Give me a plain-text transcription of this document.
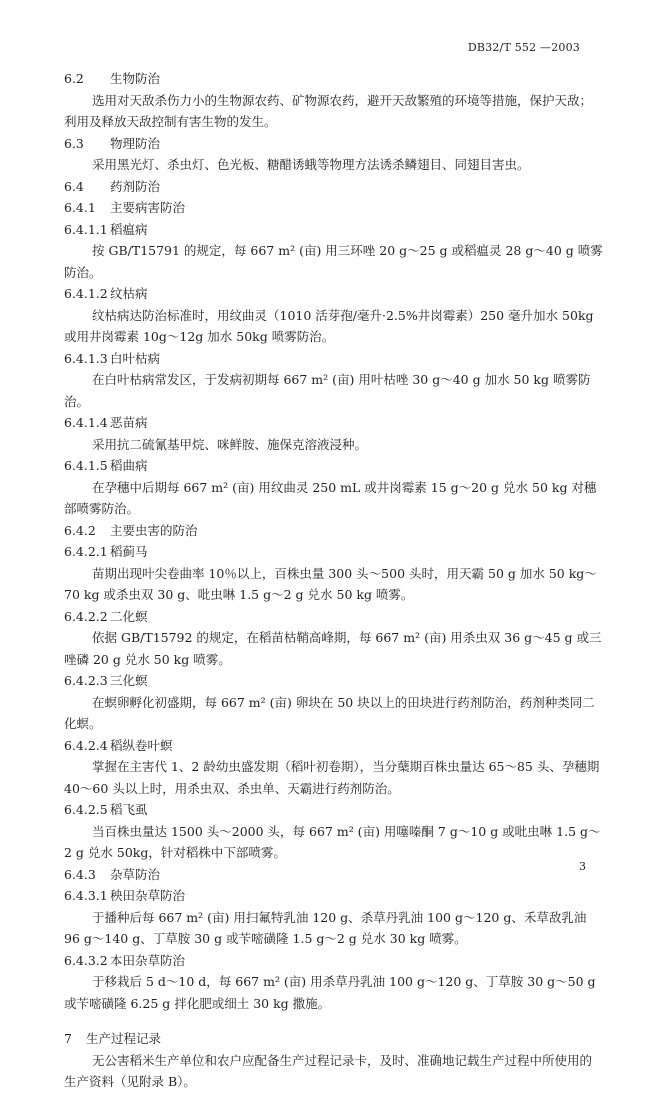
DB32/T 552 —2003
6.2 生物防治
选用对天敌杀伤力小的生物源农药、矿物源农药，避开天敌繁殖的环境等措施，保护天敌；利用及释放天敌控制有害生物的发生。
6.3 物理防治
采用黑光灯、杀虫灯、色光板、糖醋诱蛾等物理方法诱杀鳞翅目、同翅目害虫。
6.4 药剂防治
6.4.1 主要病害防治
6.4.1.1 稻瘟病
按 GB/T15791 的规定，每 667 m² (亩) 用三环唑 20 g～25 g 或稻瘟灵 28 g～40 g 喷雾防治。
6.4.1.2 纹枯病
纹枯病达防治标准时，用纹曲灵（1010 活芽孢/毫升·2.5%井岗霉素）250 毫升加水 50kg 或用井岗霉素 10g～12g 加水 50kg 喷雾防治。
6.4.1.3 白叶枯病
在白叶枯病常发区，于发病初期每 667 m² (亩) 用叶枯唑 30 g～40 g 加水 50 kg 喷雾防治。
6.4.1.4 恶苗病
采用抗二硫氰基甲烷、咪鲜胺、施保克溶液浸种。
6.4.1.5 稻曲病
在孕穗中后期每 667 m² (亩) 用纹曲灵 250 mL 或井岗霉素 15 g～20 g 兑水 50 kg 对穗部喷雾防治。
6.4.2 主要虫害的防治
6.4.2.1 稻蓟马
苗期出现叶尖卷曲率 10％以上，百株虫量 300 头～500 头时，用天霸 50 g 加水 50 kg～70 kg 或杀虫双 30 g、吡虫啉 1.5 g～2 g 兑水 50 kg 喷雾。
6.4.2.2 二化螟
依据 GB/T15792 的规定，在稻苗枯鞘高峰期，每 667 m² (亩) 用杀虫双 36 g～45 g 或三唑磷 20 g 兑水 50 kg 喷雾。
6.4.2.3 三化螟
在螟卵孵化初盛期，每 667 m² (亩) 卵块在 50 块以上的田块进行药剂防治，药剂种类同二化螟。
6.4.2.4 稻纵卷叶螟
掌握在主害代 1、2 龄幼虫盛发期（稻叶初卷期），当分蘖期百株虫量达 65～85 头、孕穗期 40～60 头以上时，用杀虫双、杀虫单、天霸进行药剂防治。
6.4.2.5 稻飞虱
当百株虫量达 1500 头～2000 头，每 667 m² (亩) 用噻嗪酮 7 g～10 g 或吡虫啉 1.5 g～2 g 兑水 50kg，针对稻株中下部喷雾。
6.4.3 杂草防治
6.4.3.1 秧田杂草防治
于播种后每 667 m² (亩) 用扫氟特乳油 120 g、杀草丹乳油 100 g～120 g、禾草敌乳油 96 g～140 g、丁草胺 30 g 或苄嘧磺隆 1.5 g～2 g 兑水 30 kg 喷雾。
6.4.3.2 本田杂草防治
于移栽后 5 d～10 d，每 667 m² (亩) 用杀草丹乳油 100 g～120 g、丁草胺 30 g～50 g 或苄嘧磺隆 6.25 g 拌化肥或细土 30 kg 撒施。
7 生产过程记录
无公害稻米生产单位和农户应配备生产过程记录卡，及时、准确地记载生产过程中所使用的生产资料（见附录 B）。
3
